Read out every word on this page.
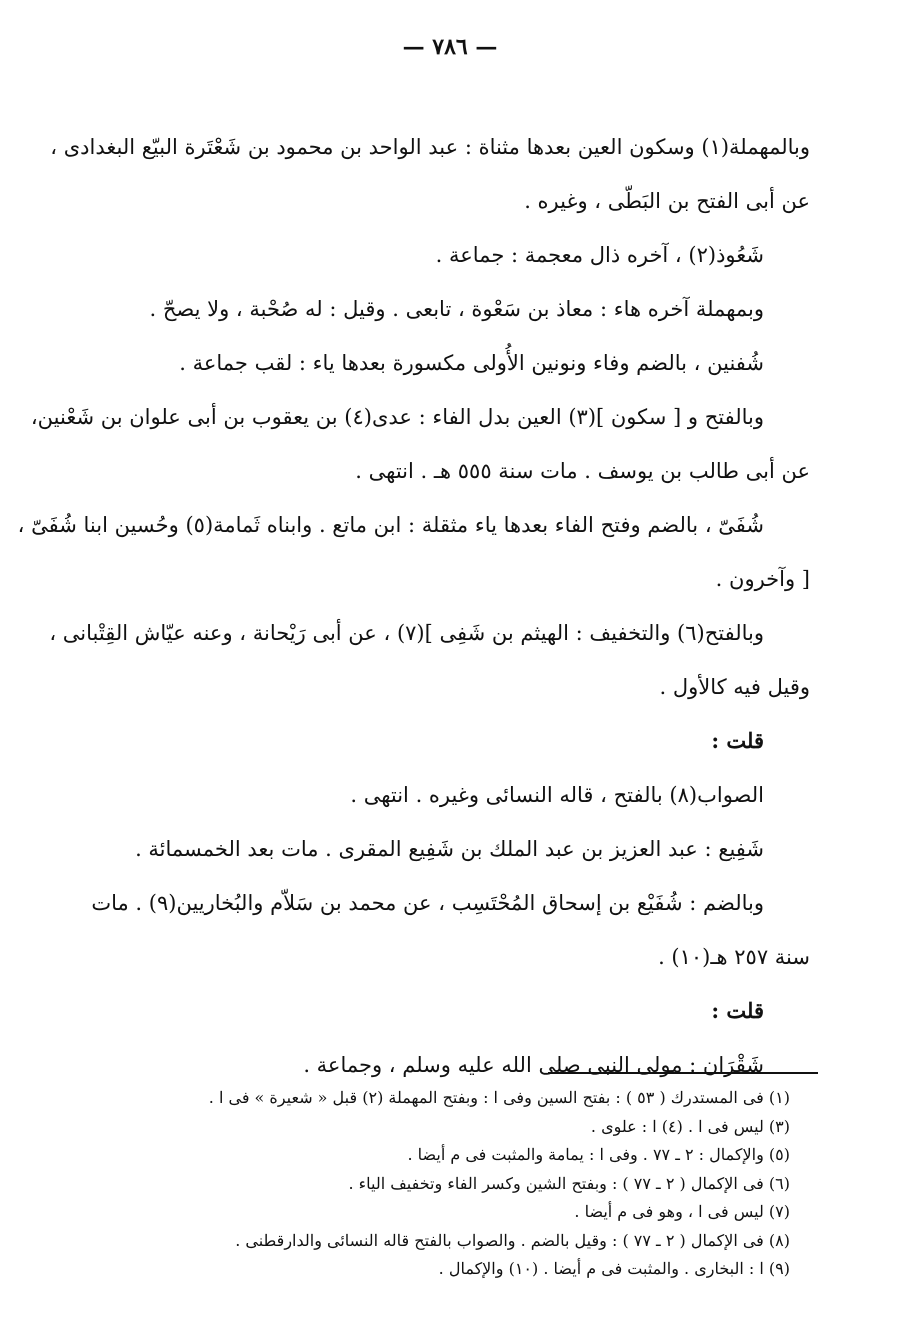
— ٧٨٦ —
وبالمهملة(١) وسكون العين بعدها مثناة : عبد الواحد بن محمود بن شَعْتَرة البيّع البغدادى ،
عن أبى الفتح بن البَطّى ، وغيره .
شَعُوذ(٢) ، آخره ذال معجمة : جماعة .
وبمهملة آخره هاء : معاذ بن سَعْوة ، تابعى . وقيل : له صُحْبة ، ولا يصحّ .
شُفنين ، بالضم وفاء ونونين الأُولى مكسورة بعدها ياء : لقب جماعة .
وبالفتح و [ سكون ](٣) العين بدل الفاء : عدى(٤) بن يعقوب بن أبى علوان بن شَعْنين،
عن أبى طالب بن يوسف . مات سنة ٥٥٥ هـ . انتهى .
شُفَىّ ، بالضم وفتح الفاء بعدها ياء مثقلة : ابن ماتع . وابناه ثَمامة(٥) وحُسين ابنا شُفَىّ ،
[ وآخرون .
وبالفتح(٦) والتخفيف : الهيثم بن شَفِى ](٧) ، عن أبى رَيْحانة ، وعنه عيّاش القِتْبانى ،
وقيل فيه كالأول .
قلت :
الصواب(٨) بالفتح ، قاله النسائى وغيره . انتهى .
شَفِيع : عبد العزيز بن عبد الملك بن شَفِيع المقرى . مات بعد الخمسمائة .
وبالضم : شُفَيْع بن إسحاق المُحْتَسِب ، عن محمد بن سَلاّم والبُخاريين(٩) . مات
سنة ٢٥٧ هـ(١٠) .
قلت :
شَقْرَان : مولى النبى صلى الله عليه وسلم ، وجماعة .
(١) فى المستدرك ( ٥٣ ) : بفتح السين وفى ا : وبفتح المهملة (٢) قبل « شعيرة » فى ا .
(٣) ليس فى ا . (٤) ا : علوى .
(٥) والإكمال : ٢ ـ ٧٧ . وفى ا : يمامة والمثبت فى م أيضا .
(٦) فى الإكمال ( ٢ ـ ٧٧ ) : وبفتح الشين وكسر الفاء وتخفيف الياء .
(٧) ليس فى ا ، وهو فى م أيضا .
(٨) فى الإكمال ( ٢ ـ ٧٧ ) : وقيل بالضم . والصواب بالفتح قاله النسائى والدارقطنى .
(٩) ا : البخارى . والمثبت فى م أيضا . (١٠) والإكمال .
